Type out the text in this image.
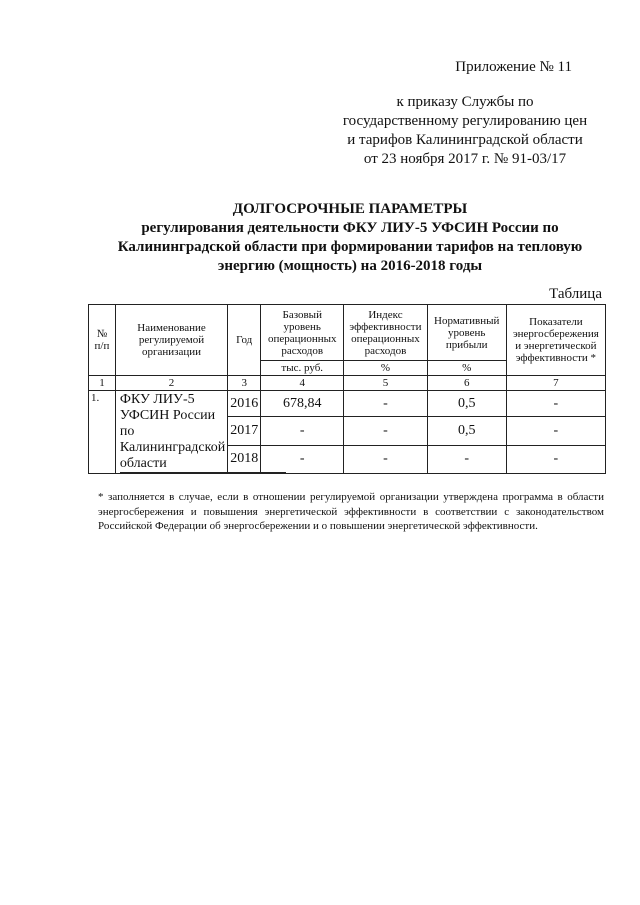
Приложение № 11
к приказу Службы по
государственному регулированию цен
и тарифов Калининградской области
от 23 ноября 2017 г. № 91-03/17
ДОЛГОСРОЧНЫЕ ПАРАМЕТРЫ
регулирования деятельности ФКУ ЛИУ-5 УФСИН России по
Калининградской области при формировании тарифов на тепловую
энергию (мощность) на 2016-2018 годы
Таблица
№ п/п	Наименование регулируемой организации	Год	Базовый уровень операционных расходов	Индекс эффективности операционных расходов	Нормативный уровень прибыли	Показатели энергосбережения и энергетической эффективности *
			тыс. руб.	%	%	
1	2	3	4	5	6	7
1.	ФКУ ЛИУ-5 УФСИН России по Калининградской области	2016	678,84	-	0,5	-
		2017	-	-	0,5	-
		2018	-	-	-	-
* заполняется в случае, если в отношении регулируемой организации утверждена программа в области энергосбережения и повышения энергетической эффективности в соответствии с законодательством Российской Федерации об энергосбережении и о повышении энергетической эффективности.
